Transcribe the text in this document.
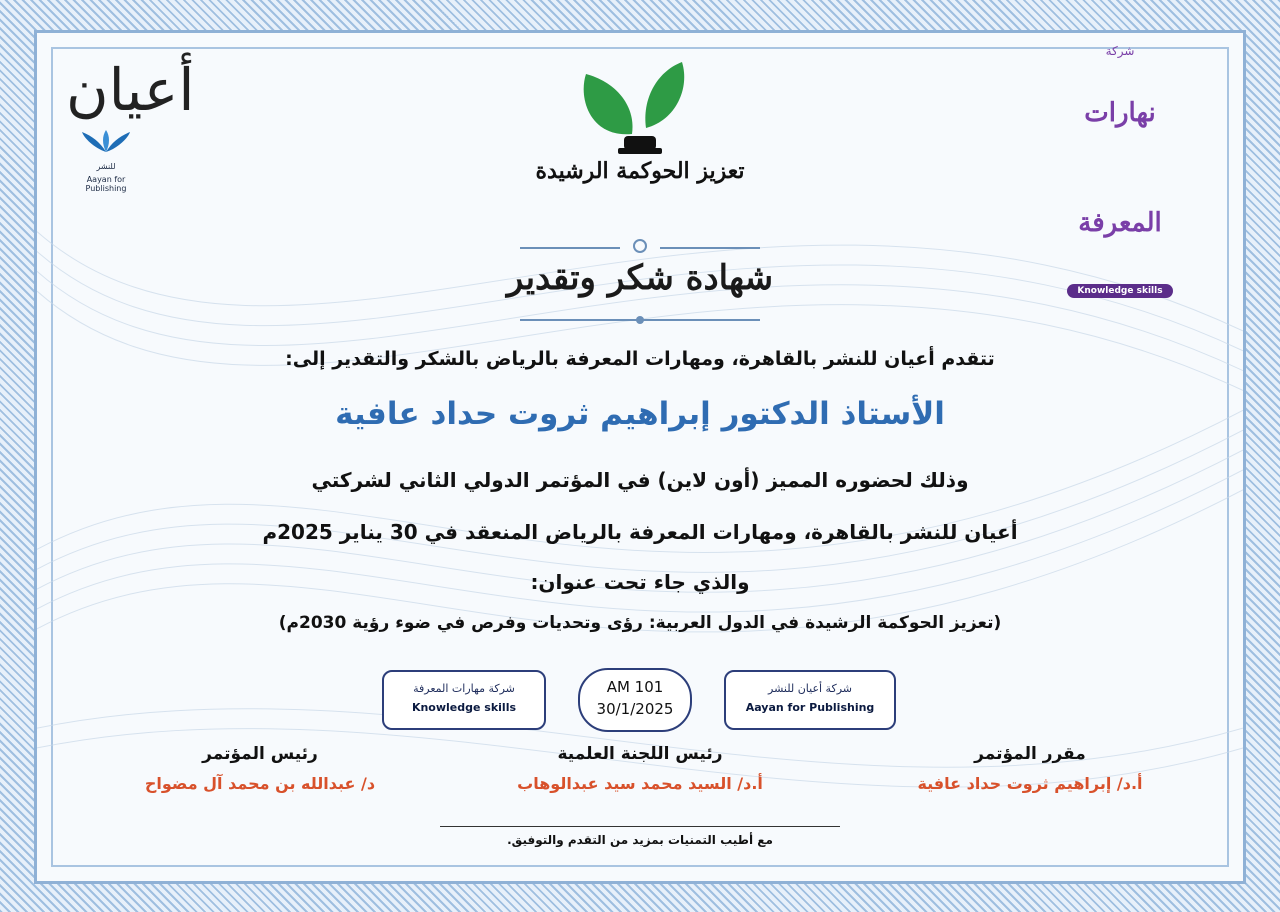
أعيان
للنشر
Aayan for Publishing
شركة
نهارات المعرفة
Knowledge skills
تعزيز الحوكمة الرشيدة
شهادة شكر وتقدير
تتقدم أعيان للنشر بالقاهرة، ومهارات المعرفة بالرياض بالشكر والتقدير إلى:
الأستاذ الدكتور إبراهيم ثروت حداد عافية
وذلك لحضوره المميز (أون لاين) في المؤتمر الدولي الثاني لشركتي
أعيان للنشر بالقاهرة، ومهارات المعرفة بالرياض المنعقد في 30 يناير 2025م
والذي جاء تحت عنوان:
(تعزيز الحوكمة الرشيدة في الدول العربية: رؤى وتحديات وفرص في ضوء رؤية 2030م)
شركة مهارات المعرفة
Knowledge skills
AM 101
30/1/2025
شركة أعيان للنشر
Aayan for Publishing
رئيس المؤتمر
د/ عبدالله بن محمد آل مضواح
رئيس اللجنة العلمية
أ.د/ السيد محمد سيد عبدالوهاب
مقرر المؤتمر
أ.د/ إبراهيم ثروت حداد عافية
مع أطيب التمنيات بمزيد من التقدم والتوفيق.
